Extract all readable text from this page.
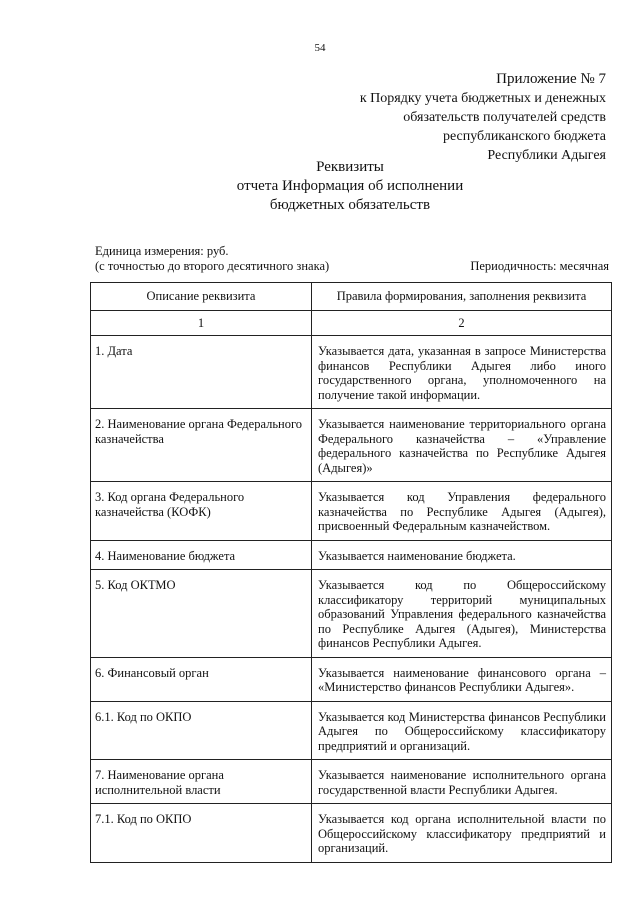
54
Приложение № 7
к Порядку учета бюджетных и денежных
обязательств получателей средств
республиканского бюджета
Республики Адыгея
Реквизиты
отчета Информация об исполнении
бюджетных обязательств
Единица измерения: руб.
(с точностью до второго десятичного знака)	Периодичность: месячная
Описание реквизита	Правила формирования, заполнения реквизита
1	2
1. Дата	Указывается дата, указанная в запросе Министерства финансов Республики Адыгея либо иного государственного органа, уполномоченного на получение такой информации.
2. Наименование органа Федерального казначейства	Указывается наименование территориального органа Федерального казначейства – «Управление федерального казначейства по Республике Адыгея (Адыгея)»
3. Код органа Федерального казначейства (КОФК)	Указывается код Управления федерального казначейства по Республике Адыгея (Адыгея), присвоенный Федеральным казначейством.
4. Наименование бюджета	Указывается наименование бюджета.
5. Код ОКТМО	Указывается код по Общероссийскому классификатору территорий муниципальных образований Управления федерального казначейства по Республике Адыгея (Адыгея), Министерства финансов Республики Адыгея.
6. Финансовый орган	Указывается наименование финансового органа – «Министерство финансов Республики Адыгея».
6.1. Код по ОКПО	Указывается код Министерства финансов Республики Адыгея по Общероссийскому классификатору предприятий и организаций.
7. Наименование органа исполнительной власти	Указывается наименование исполнительного органа государственной власти Республики Адыгея.
7.1. Код по ОКПО	Указывается код органа исполнительной власти по Общероссийскому классификатору предприятий и организаций.
